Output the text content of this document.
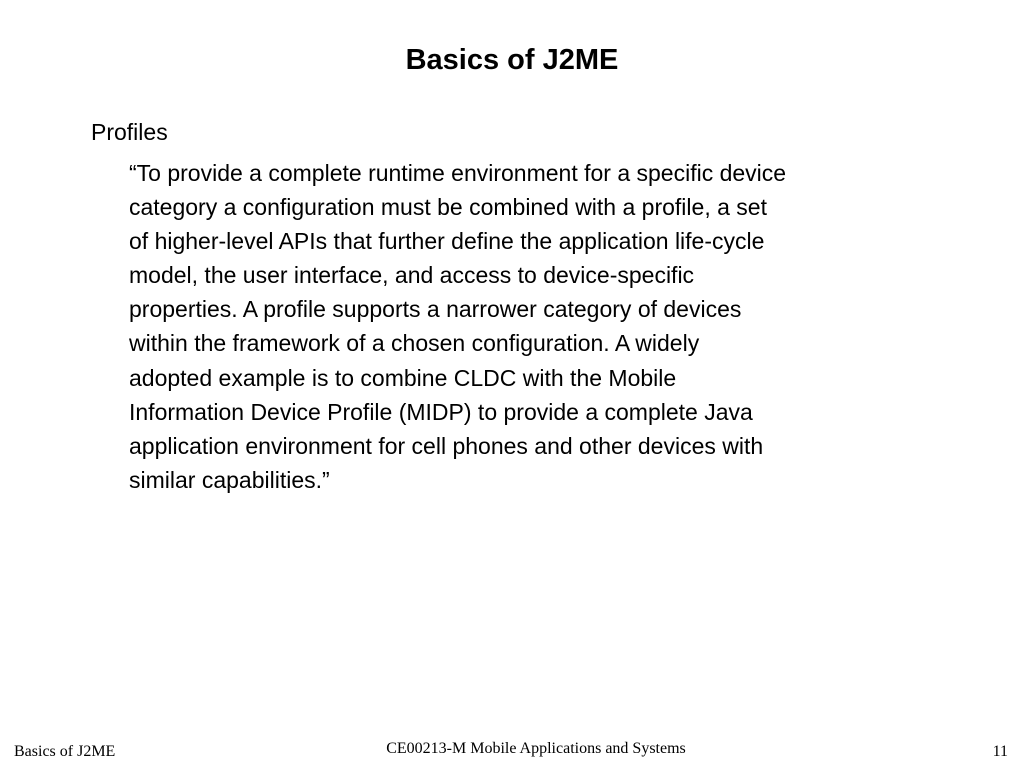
Basics of J2ME

Profiles

“To provide a complete runtime environment for a specific device
category a configuration must be combined with a profile, a set
of higher-level APIs that further define the application life-cycle
model, the user interface, and access to device-specific
properties. A profile supports a narrower category of devices
within the framework of a chosen configuration. A widely
adopted example is to combine CLDC with the Mobile
Information Device Profile (MIDP) to provide a complete Java
application environment for cell phones and other devices with
similar capabilities.”
Basics of J2ME	CE00213-M Mobile Applications and Systems	11
